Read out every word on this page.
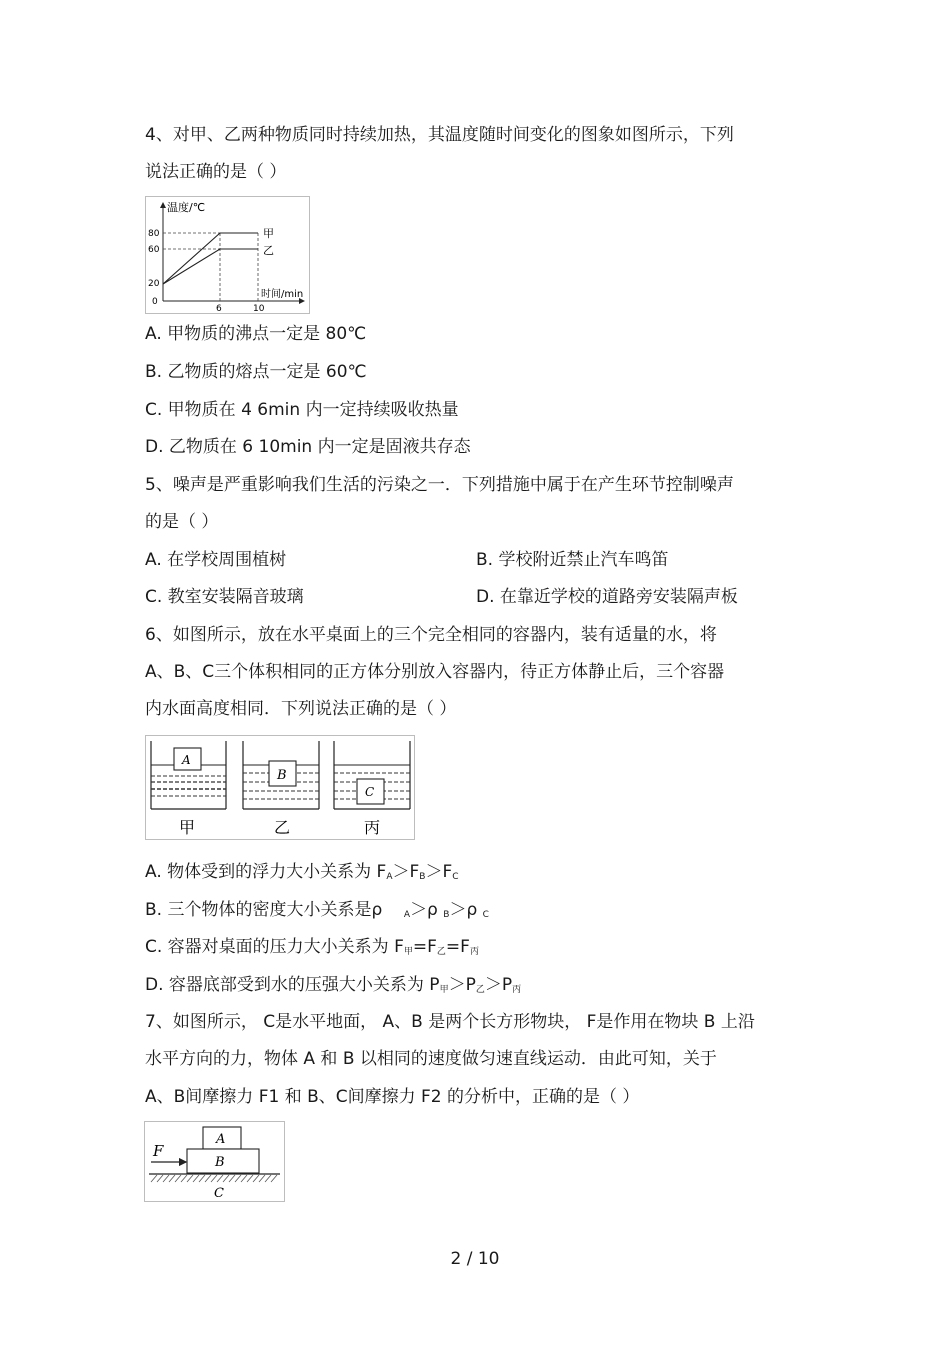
4、对甲、乙两种物质同时持续加热，其温度随时间变化的图象如图所示，下列
说法正确的是（ ）
温度/℃
时间/min
80
60
20
0
6	10
甲
乙
A. 甲物质的沸点一定是 80℃
B. 乙物质的熔点一定是 60℃
C. 甲物质在 4 6min 内一定持续吸收热量
D. 乙物质在 6 10min 内一定是固液共存态
5、噪声是严重影响我们生活的污染之一．下列措施中属于在产生环节控制噪声
的是（ ）
A. 在学校周围植树	B. 学校附近禁止汽车鸣笛
C. 教室安装隔音玻璃	D. 在靠近学校的道路旁安装隔声板
6、如图所示，放在水平桌面上的三个完全相同的容器内，装有适量的水，将
A、B、C三个体积相同的正方体分别放入容器内，待正方体静止后，三个容器
内水面高度相同．下列说法正确的是（ ）
A
B
C
甲	乙	丙
A. 物体受到的浮力大小关系为 $F_A>F_B>F_C$
B. 三个物体的密度大小关系是ρ $_A$＞ρ $_B$＞ρ $_C$
C. 容器对桌面的压力大小关系为 $F_甲=F_乙=F_丙$
D. 容器底部受到水的压强大小关系为 $P_甲>P_乙>P_丙$
7、如图所示， C是水平地面， A、B 是两个长方形物块， F是作用在物块 B 上沿
水平方向的力，物体 A 和 B 以相同的速度做匀速直线运动．由此可知，关于
A、B间摩擦力 F1 和 B、C间摩擦力 F2 的分析中，正确的是（ ）
A
B
F
C
2 / 10
